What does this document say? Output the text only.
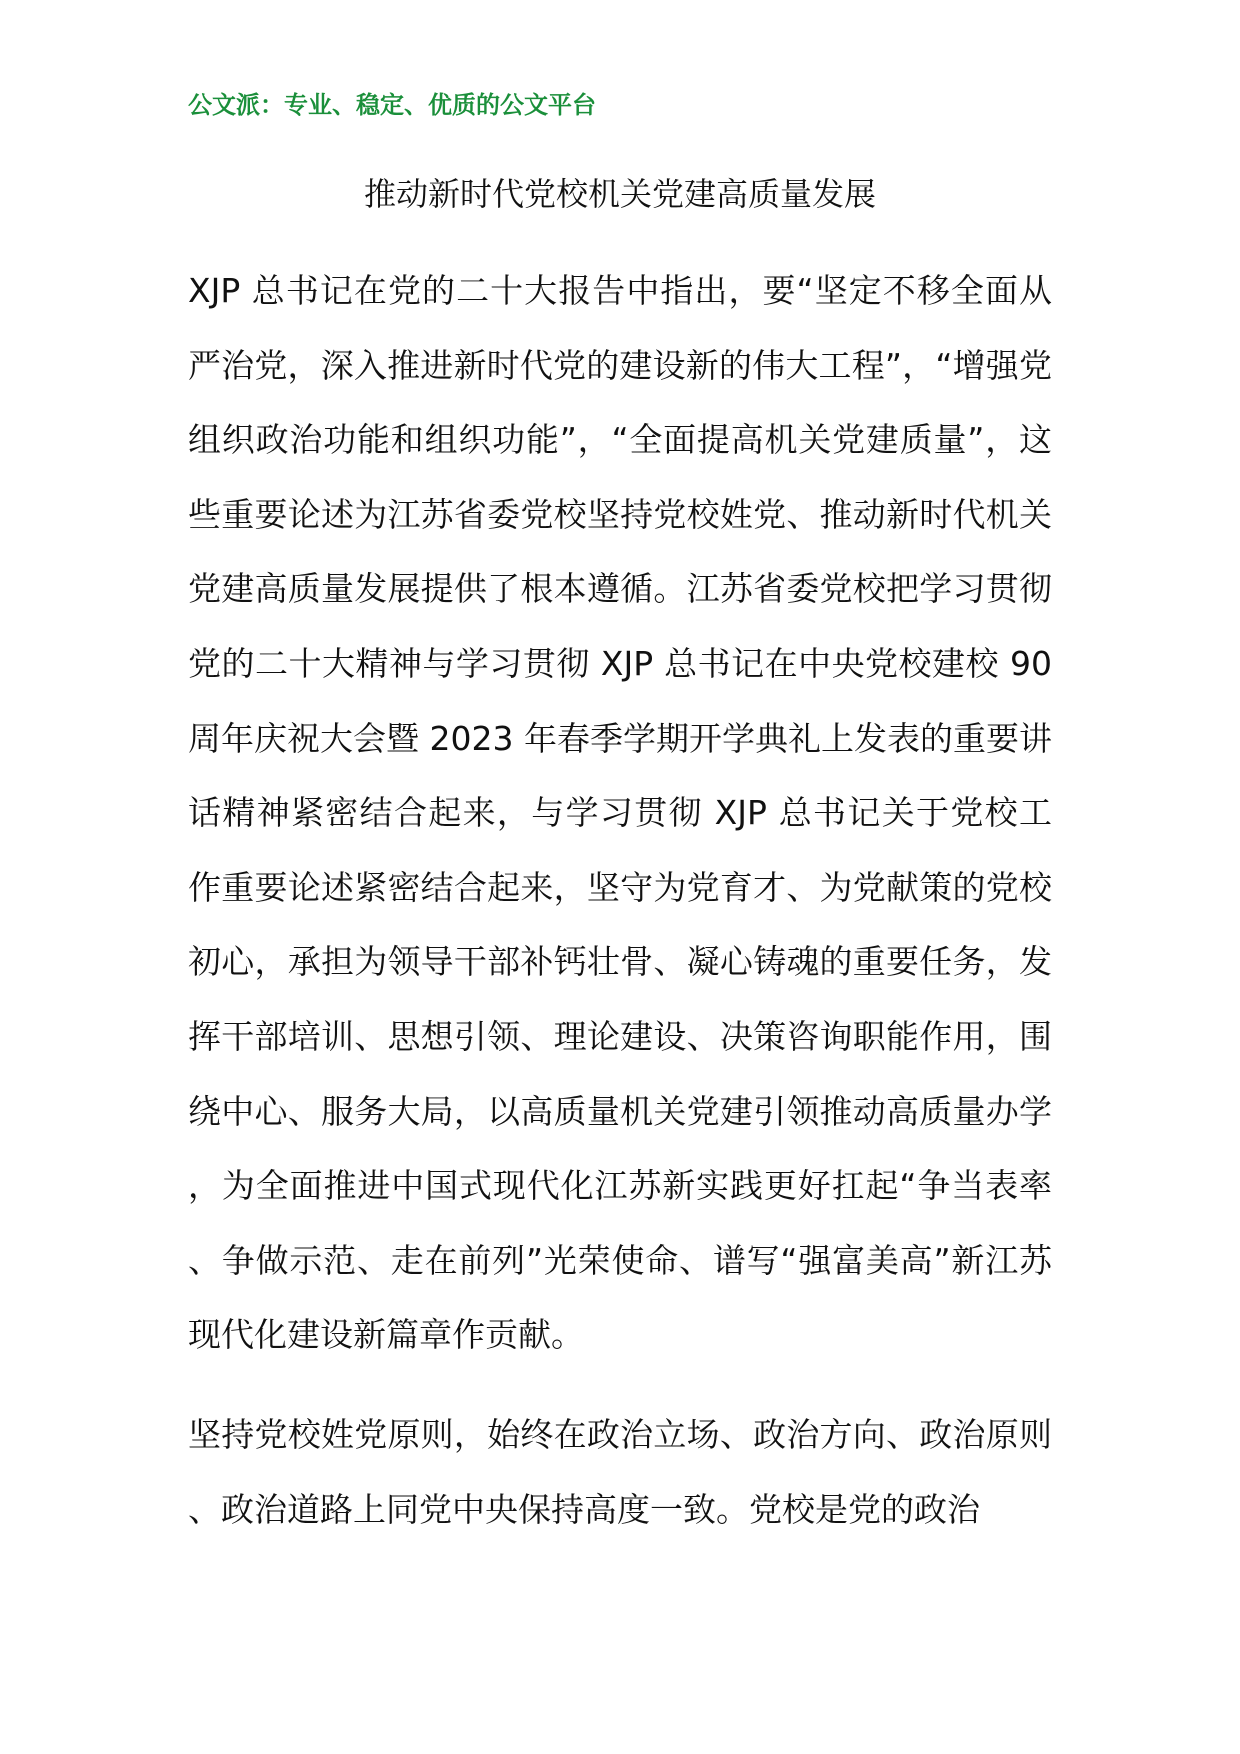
公文派：专业、稳定、优质的公文平台
推动新时代党校机关党建高质量发展

XJP 总书记在党的二十大报告中指出，要“坚定不移全面从严治党，深入推进新时代党的建设新的伟大工程”，“增强党组织政治功能和组织功能”，“全面提高机关党建质量”，这些重要论述为江苏省委党校坚持党校姓党、推动新时代机关党建高质量发展提供了根本遵循。江苏省委党校把学习贯彻党的二十大精神与学习贯彻 XJP 总书记在中央党校建校 90 周年庆祝大会暨 2023 年春季学期开学典礼上发表的重要讲话精神紧密结合起来，与学习贯彻 XJP 总书记关于党校工作重要论述紧密结合起来，坚守为党育才、为党献策的党校初心，承担为领导干部补钙壮骨、凝心铸魂的重要任务，发挥干部培训、思想引领、理论建设、决策咨询职能作用，围绕中心、服务大局，以高质量机关党建引领推动高质量办学，为全面推进中国式现代化江苏新实践更好扛起“争当表率、争做示范、走在前列”光荣使命、谱写“强富美高”新江苏现代化建设新篇章作贡献。

坚持党校姓党原则，始终在政治立场、政治方向、政治原则、政治道路上同党中央保持高度一致。党校是党的政治
